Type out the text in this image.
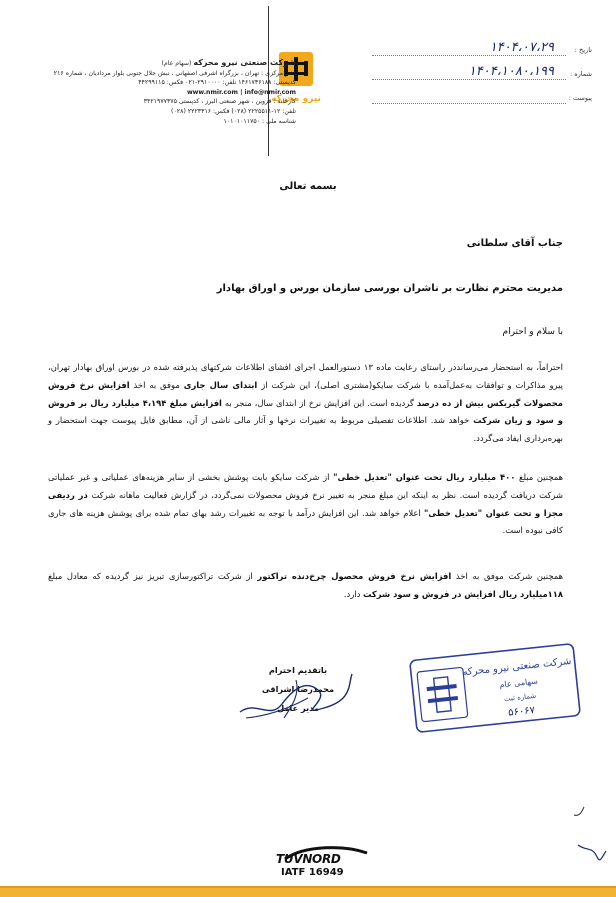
نیرو محرکه
شرکت صنعتی نیرو محرکه (سهام عام)
دفتر مرکزی : تهران ، بزرگراه اشرفی اصفهانی ، نبش جلال جنوبی بلوار مردادیان ، شماره ۲۱۶
کدپستی: ۱۴۶۱۷۳۶۱۸۸ تلفن: ۲۹۱۰۰۰۰-۰۲۱ فکس: ۴۴۲۹۹۱۱۵
www.nmir.com | info@nmir.com
کارخانه : قزوین ، شهر صنعتی البرز ، کدپستی ۳۴۲۱۹۷۷۳۷۵
تلفن: ۱۲-۲۲۲۵۵۱۱ (۰۲۸) فکس: ۲۲۲۳۳۱۶ (۰۲۸)
شناسه ملی : ۱۰۱۰۱۰۱۱۷۵۰
تاریخ :
۱۴۰۴،۰۷،۲۹
شماره :
۱۴۰۴،۱۰۸۰،۱۹۹
پیوست :
بسمه تعالی
جناب آقای سلطانی
مدیریت محترم نظارت بر ناشران بورسی سازمان بورس و اوراق بهادار
با سلام و احترام
احتراماً، به استحضار می‌رساند‌در راستای رعایت ماده ۱۳ دستورالعمل اجرای افشای اطلاعات شرکتهای پذیرفته شده در بورس اوراق بهادار تهران، پیرو مذاکرات و توافقات به‌عمل‌آمده با شرکت سایکو(مشتری اصلی)، این شرکت از ابتدای سال جاری موفق به اخذ افزایش نرخ فروش محصولات گیربکس بیش از ده درصد گردیده است. این افزایش نرخ از ابتدای سال، منجر به افزایش مبلغ ۴،۱۹۴ میلیارد ریال بر فروش و سود و زیان شرکت خواهد شد. اطلاعات تفصیلی مربوط به تغییرات نرخها و آثار مالی ناشی از آن، مطابق فایل پیوست جهت استحضار و بهره‌برداری ایفاد می‌گردد.
همچنین مبلغ ۴۰۰ میلیارد ریال تحت عنوان "تعدیل خطی" از شرکت سایکو بابت پوشش بخشی از سایر هزینه‌های عملیاتی و غیر عملیاتی شرکت دریافت گردیده است. نظر به اینکه این مبلغ منجر به تغییر نرخ فروش محصولات نمی‌گردد، در گزارش فعالیت ماهانه شرکت در ردیفی مجزا و تحت عنوان "تعدیل خطی" اعلام خواهد شد. این افزایش درآمد با توجه به تغییرات رشد بهای تمام شده برای پوشش هزینه های جاری کافی نبوده است.
همچنین شرکت موفق به اخذ افزایش نرخ فروش محصول چرخ‌دنده تراکتور از شرکت تراکتورسازی تبریز نیز گردیده که معادل مبلغ ۱۱۸میلیارد ریال افزایش در فروش و سود شرکت دارد.
باتقدیم احترام
محمدرضا اشراقی
مدیر عامل
شرکت صنعتی نیرو محرکه
سهامی عام
شماره ثبت
۵۶۰۶۷
TUVNORD
IATF 16949
